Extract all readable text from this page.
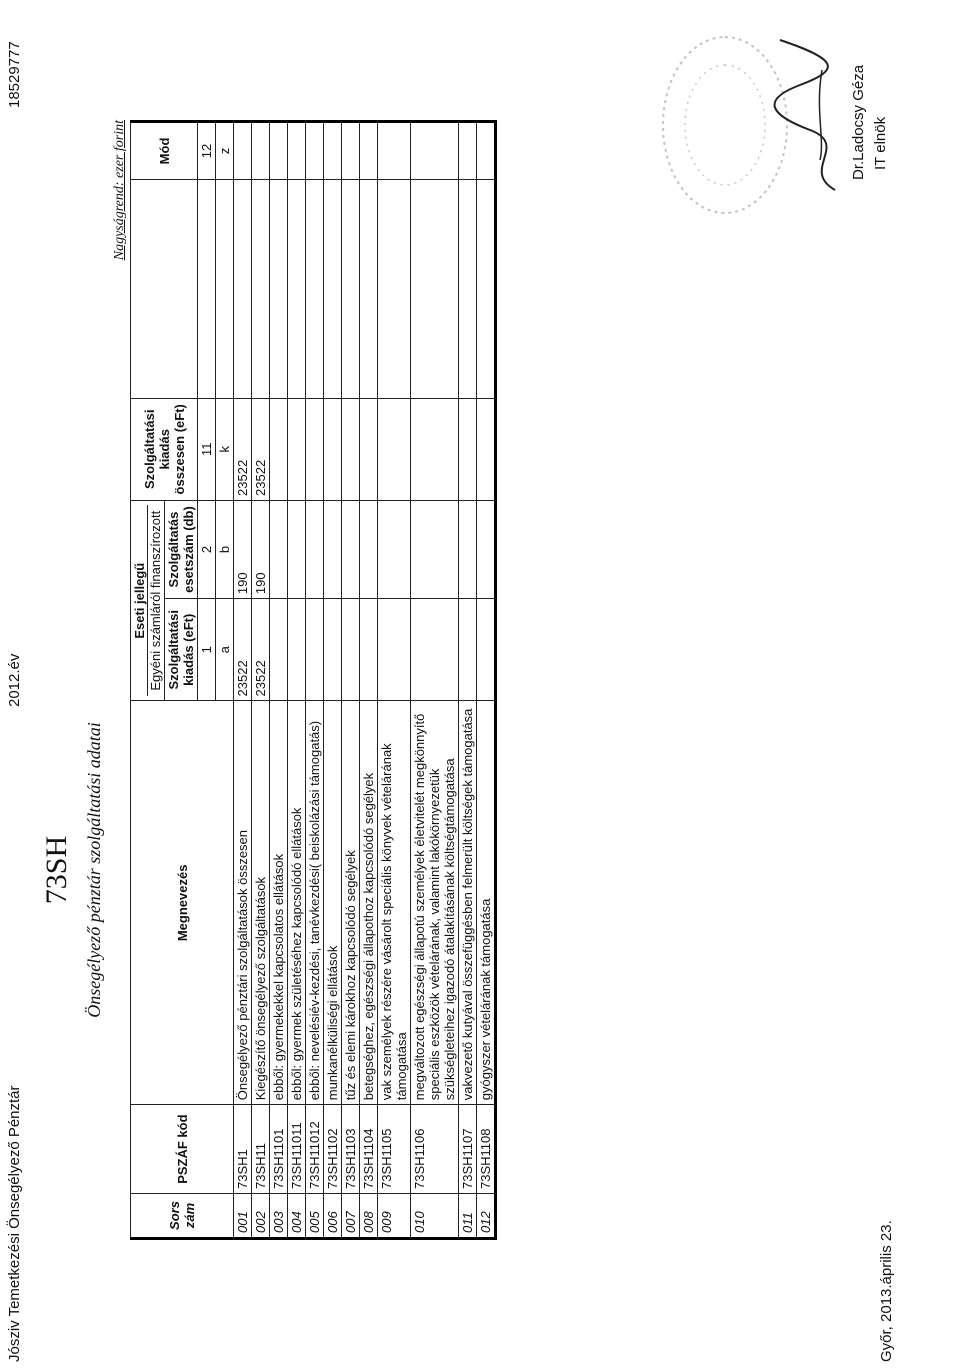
Jósziv Temetkezési Önsegélyező Pénztár
2012.év
18529777
73SH Önsegélyező pénztár szolgáltatási adatai
Nagyságrend: ezer forint
Sors zám	PSZÁF kód	Megnevezés	Eseti jellegű Egyéni számláról finanszírozott		Szolgáltatási kiadás összesen (eFt)		Mód
			Szolgáltatási kiadás (eFt)	Szolgáltatás esetszám (db)			
			1	2	11		12
			a	b	k		z
001	73SH1	Önsegélyező pénztári szolgáltatások összesen	23522	190	23522		
002	73SH11	Kiegészítő önsegélyező szolgáltatások	23522	190	23522		
003	73SH1101	ebből: gyermekekkel kapcsolatos ellátások					
004	73SH11011	ebből: gyermek születéséhez kapcsolódó ellátások					
005	73SH11012	ebből: nevelésiév-kezdési, tanévkezdési( beiskolázási támogatás)					
006	73SH1102	munkanélküliségi ellátások					
007	73SH1103	tűz és elemi károkhoz kapcsolódó segélyek					
008	73SH1104	betegséghez, egészségi állapothoz kapcsolódó segélyek					
009	73SH1105	vak személyek részére vásárolt speciális könyvek vételárának támogatása					
010	73SH1106	megváltozott egészségi állapotú személyek életvitelét megkönnyítő speciális eszközök vételárának, valamint lakókörnyezetük szükségleteihez igazodó átalakításának költségtámogatása					
011	73SH1107	vakvezető kutyával összefüggésben felmerült költségek támogatása					
012	73SH1108	gyógyszer vételárának támogatása					
Győr, 2013.április 23.
Dr.Ladocsy Géza IT elnök
